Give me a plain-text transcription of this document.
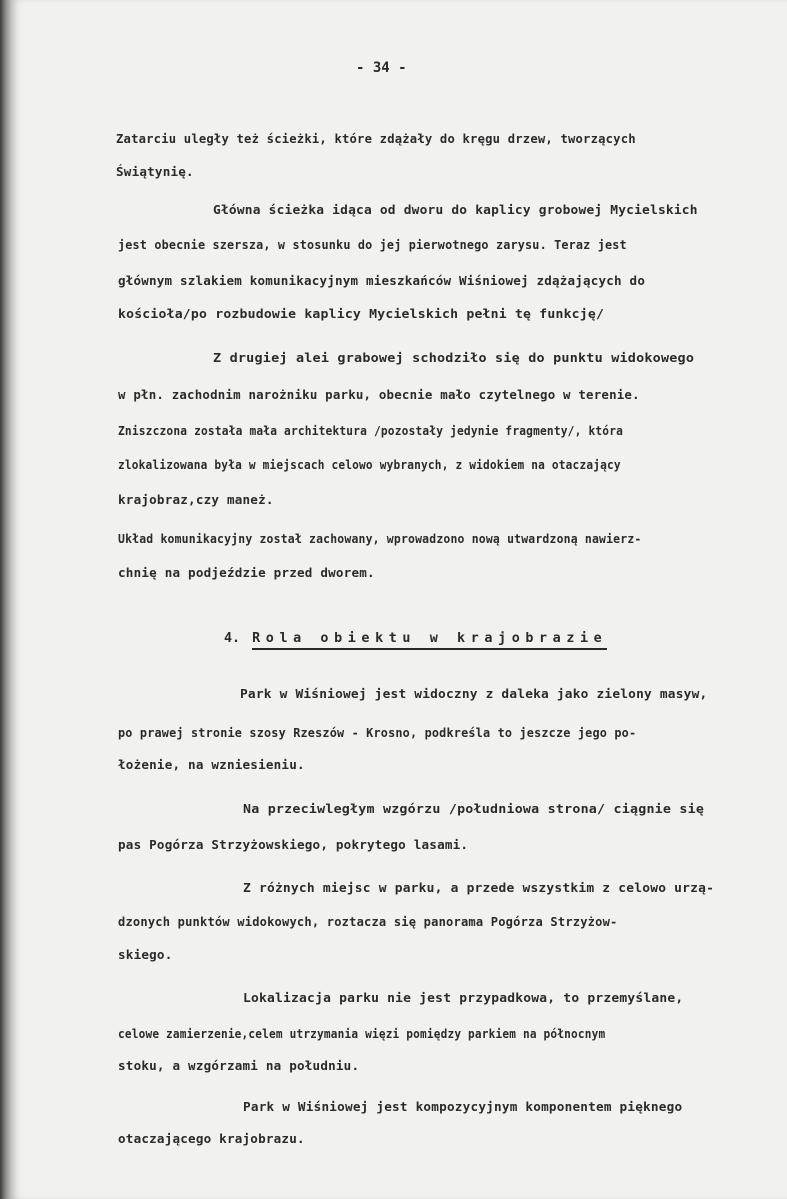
- 34 -

Zatarciu uległy też ścieżki, które zdążały do kręgu drzew, tworzących

Świątynię.

Główna ścieżka idąca od dworu do kaplicy grobowej Mycielskich

jest obecnie szersza, w stosunku do jej pierwotnego zarysu. Teraz jest

głównym szlakiem komunikacyjnym mieszkańców Wiśniowej zdążających do

kościoła/po rozbudowie kaplicy Mycielskich pełni tę funkcję/

Z drugiej alei grabowej schodziło się do punktu widokowego

w płn. zachodnim narożniku parku, obecnie mało czytelnego w terenie.

Zniszczona została mała architektura /pozostały jedynie fragmenty/, która

zlokalizowana była w miejscach celowo wybranych, z widokiem na otaczający

krajobraz,czy maneż.

Układ komunikacyjny został zachowany, wprowadzono nową utwardzoną nawierz-

chnię na podjeździe przed dworem.

4. Rola obiektu w krajobrazie

Park w Wiśniowej jest widoczny z daleka jako zielony masyw,

po prawej stronie szosy Rzeszów - Krosno, podkreśla to jeszcze jego po-

łożenie, na wzniesieniu.

Na przeciwległym wzgórzu /południowa strona/ ciągnie się

pas Pogórza Strzyżowskiego, pokrytego lasami.

Z różnych miejsc w parku, a przede wszystkim z celowo urzą-

dzonych punktów widokowych, roztacza się panorama Pogórza Strzyżow-

skiego.

Lokalizacja parku nie jest przypadkowa, to przemyślane,

celowe zamierzenie,celem utrzymania więzi pomiędzy parkiem na północnym

stoku, a wzgórzami na południu.

Park w Wiśniowej jest kompozycyjnym komponentem pięknego

otaczającego krajobrazu.
